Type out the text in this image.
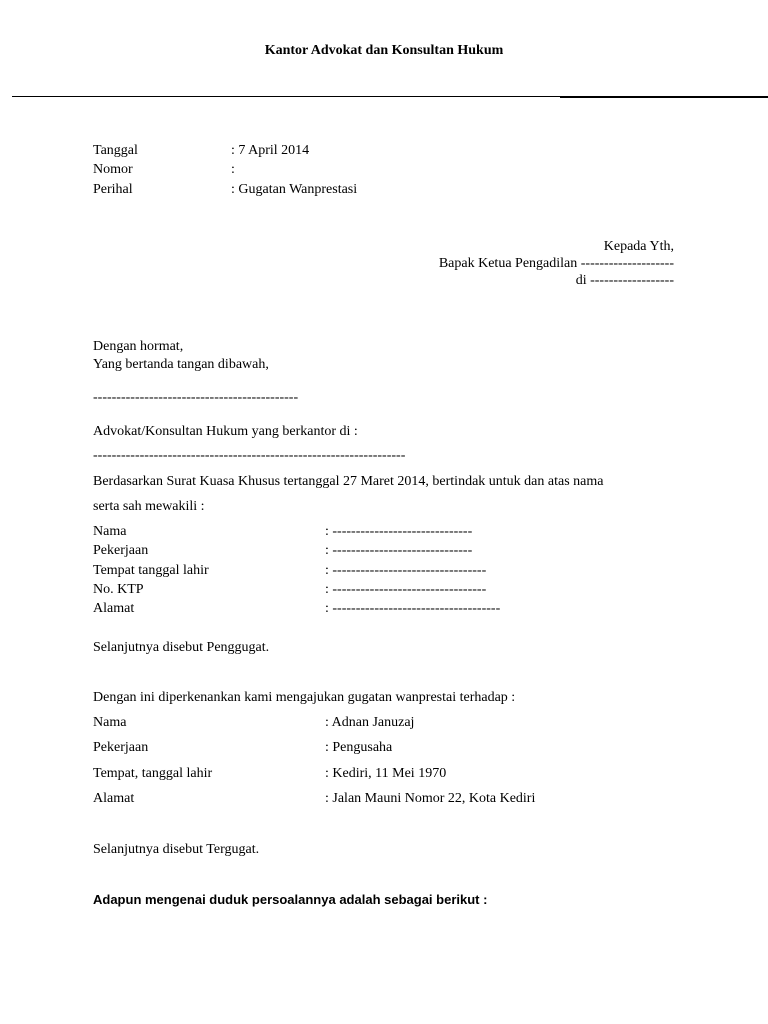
Kantor Advokat dan Konsultan Hukum
Tanggal	: 7 April 2014
Nomor	:
Perihal	: Gugatan Wanprestasi
Kepada Yth,
Bapak Ketua Pengadilan --------------------
di ------------------
Dengan hormat,
Yang bertanda tangan dibawah,
--------------------------------------------
Advokat/Konsultan Hukum yang berkantor di :
-------------------------------------------------------------------
Berdasarkan Surat Kuasa Khusus tertanggal 27 Maret 2014, bertindak untuk dan atas nama
serta sah mewakili :
Nama	: ------------------------------
Pekerjaan	: ------------------------------
Tempat tanggal lahir	: ---------------------------------
No. KTP	: ---------------------------------
Alamat	: ------------------------------------
Selanjutnya disebut Penggugat.
Dengan ini diperkenankan kami mengajukan gugatan wanprestai terhadap :
Nama	: Adnan Januzaj
Pekerjaan	: Pengusaha
Tempat, tanggal lahir	: Kediri, 11 Mei 1970
Alamat	: Jalan Mauni Nomor 22, Kota Kediri
Selanjutnya disebut Tergugat.
Adapun mengenai duduk persoalannya adalah sebagai berikut :
